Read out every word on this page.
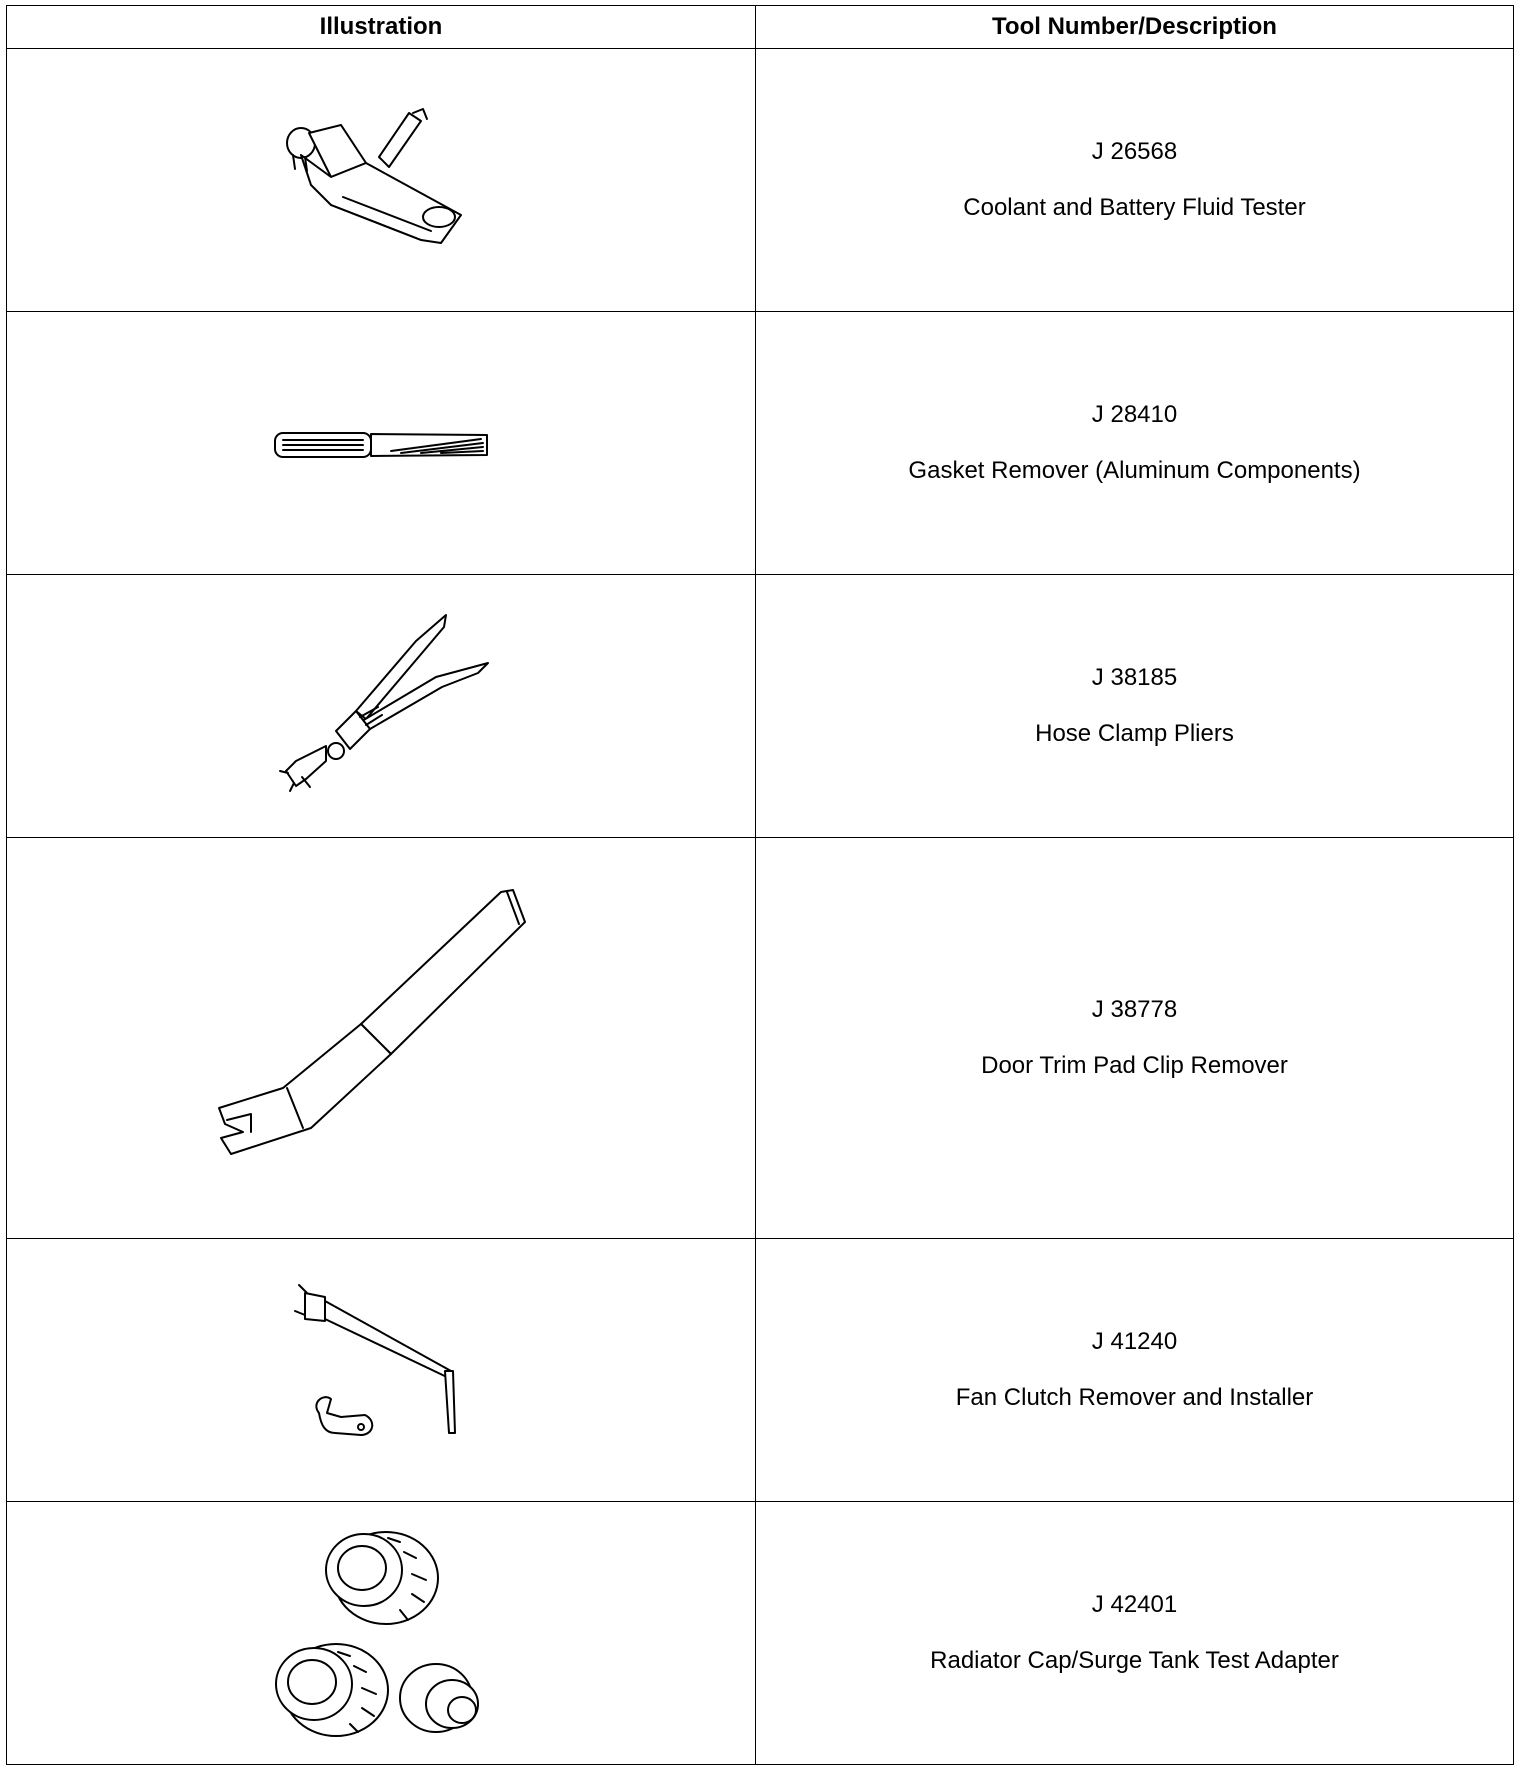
Illustration	Tool Number/Description

J 26568
Coolant and Battery Fluid Tester

J 28410
Gasket Remover (Aluminum Components)

J 38185
Hose Clamp Pliers

J 38778
Door Trim Pad Clip Remover

J 41240
Fan Clutch Remover and Installer

J 42401
Radiator Cap/Surge Tank Test Adapter
